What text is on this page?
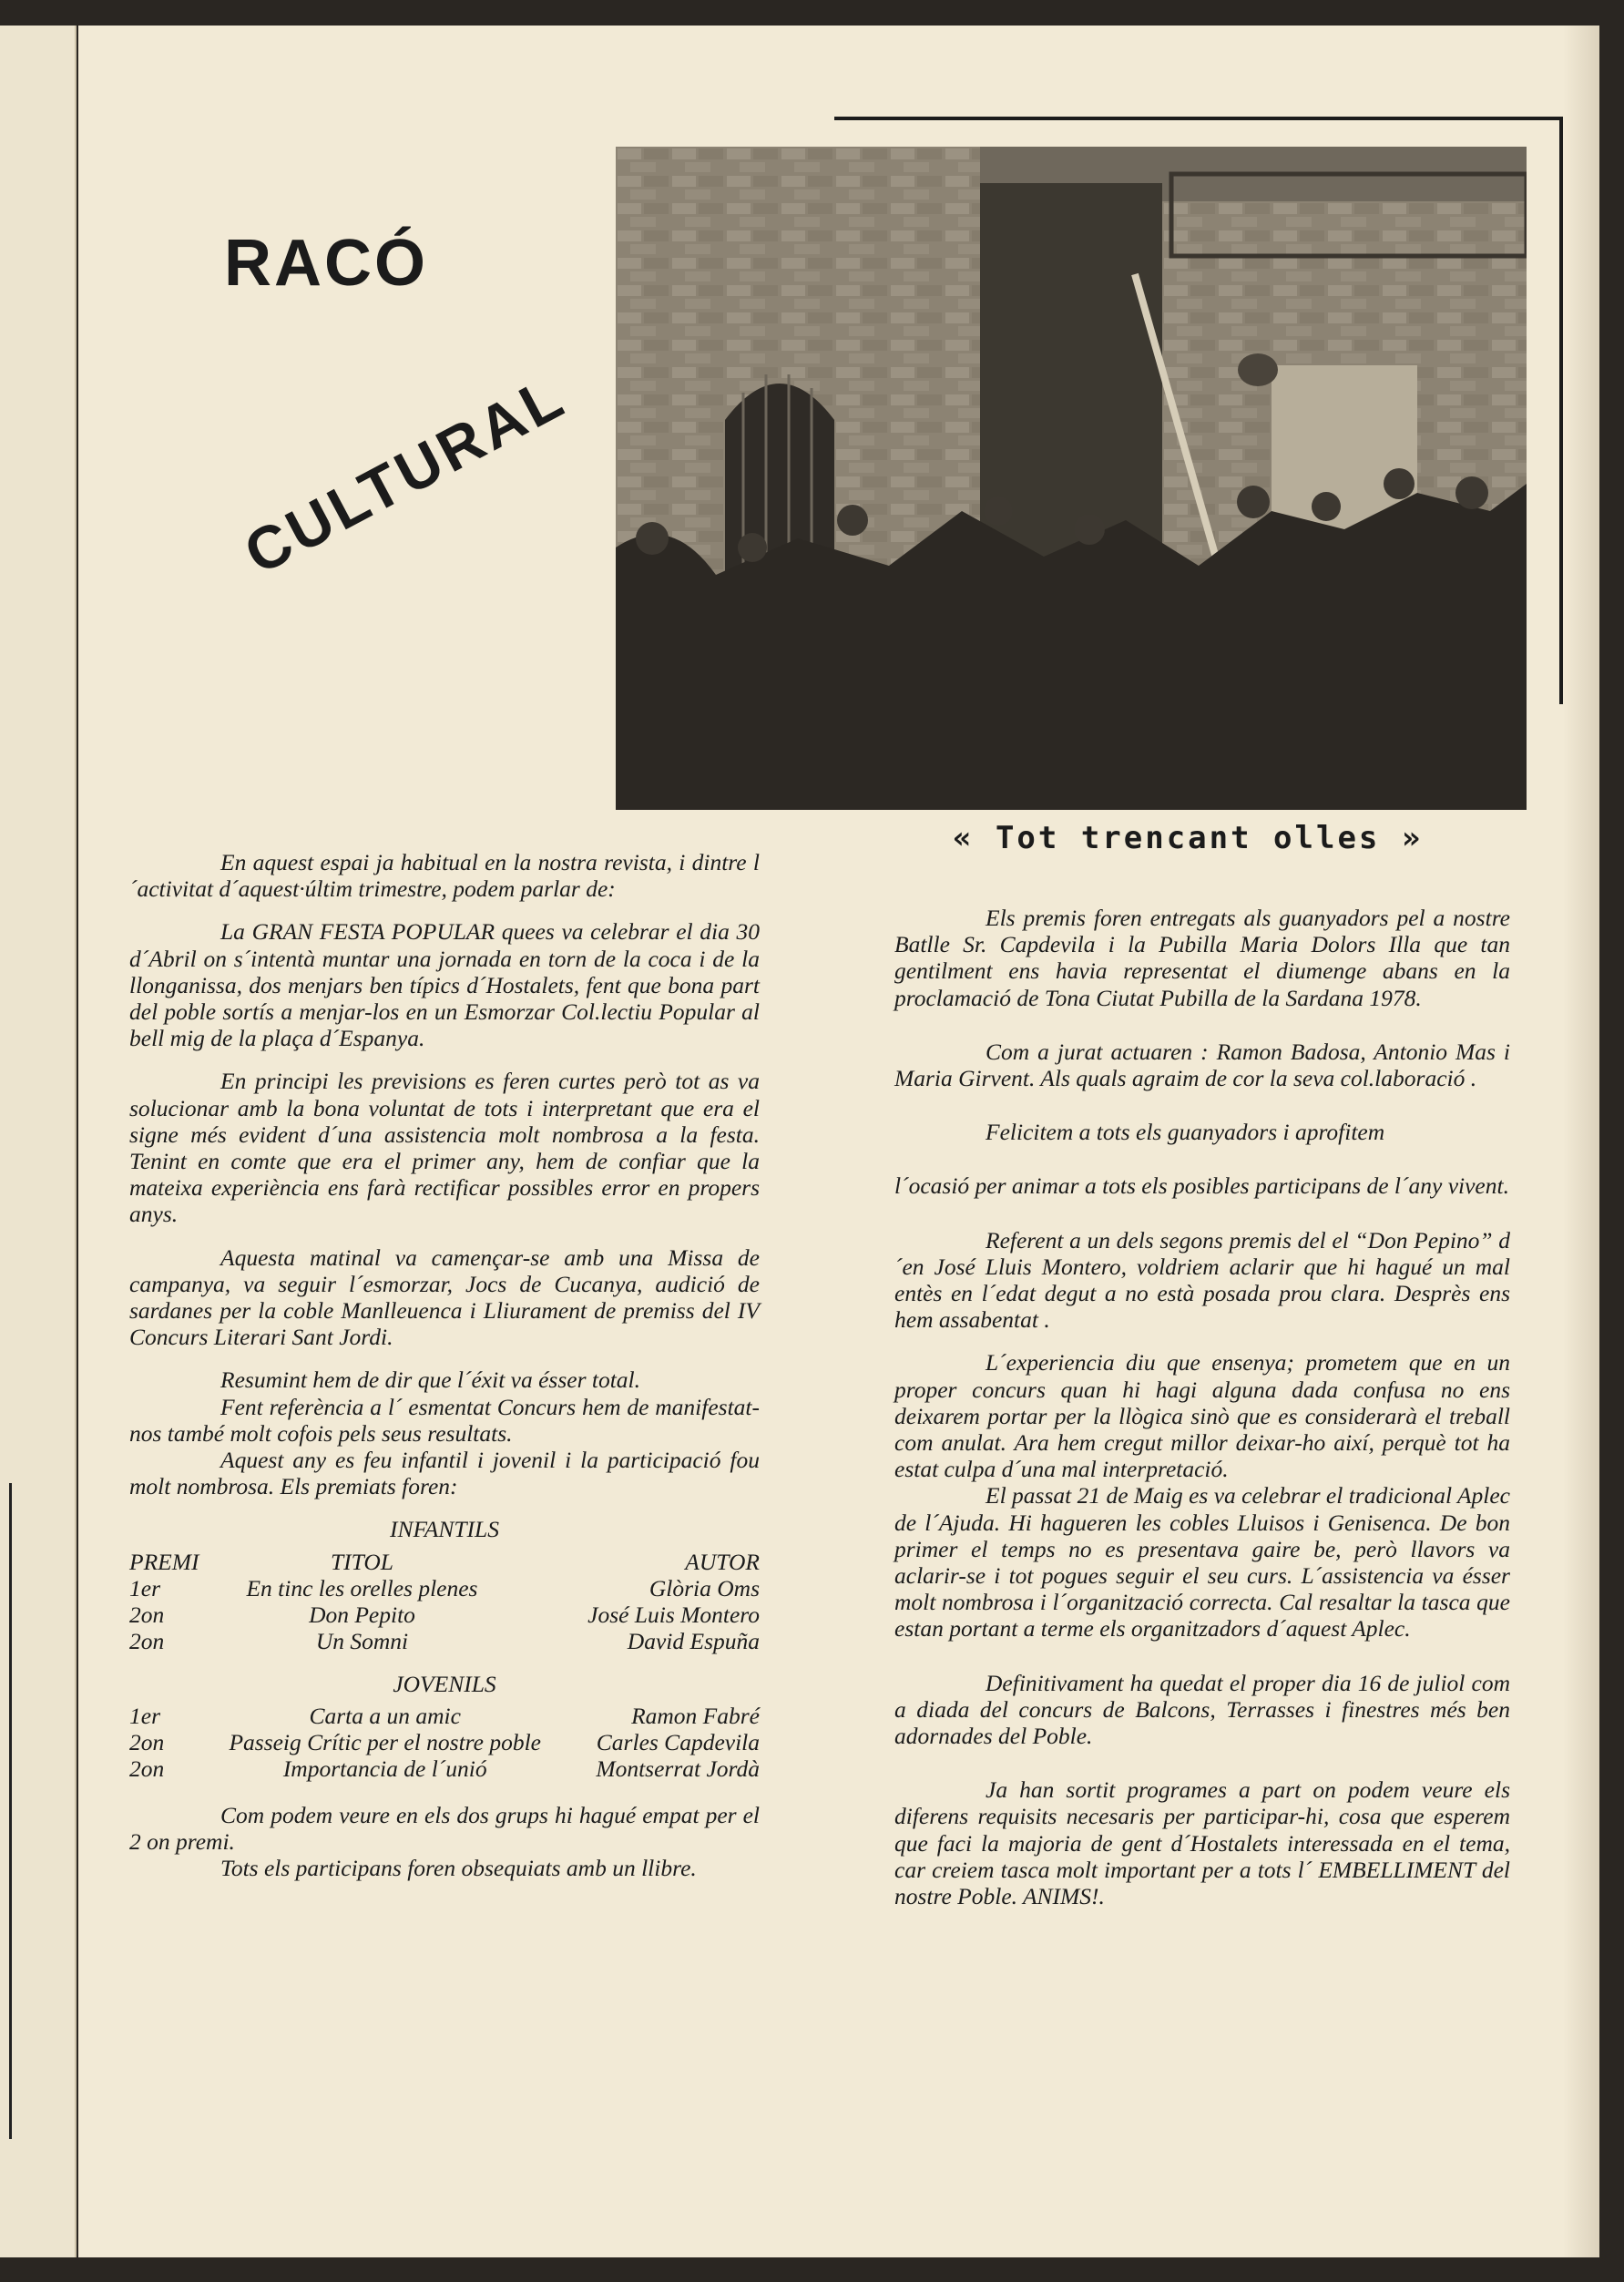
RACÓ
CULTURAL
« Tot trencant olles »

En aquest espai ja habitual en la nostra revista, i dintre l´activitat d´aquest·últim trimestre, podem parlar de:

La GRAN FESTA POPULAR quees va celebrar el dia 30 d´Abril on s´intentà muntar una jornada en torn de la coca i de la llonganissa, dos menjars ben típics d´Hostalets, fent que bona part del poble sortís a menjar-los en un Esmorzar Col.lectiu Popular al bell mig de la plaça d´Espanya.

En principi les previsions es feren curtes però tot as va solucionar amb la bona voluntat de tots i interpretant que era el signe més evident d´una assistencia molt nombrosa a la festa. Tenint en comte que era el primer any, hem de confiar que la mateixa experiència ens farà rectificar possibles error en propers anys.

Aquesta matinal va camençar-se amb una Missa de campanya, va seguir l´esmorzar, Jocs de Cucanya, audició de sardanes per la coble Manlleuenca i Lliurament de premiss del IV Concurs Literari Sant Jordi.

Resumint hem de dir que l´éxit va ésser total.

Fent referència a l´ esmentat Concurs hem de manifestat-nos també molt cofois pels seus resultats.

Aquest any es feu infantil i jovenil i la participació fou molt nombrosa. Els premiats foren:

INFANTILS
PREMI	TITOL	AUTOR
1er	En tinc les orelles plenes	Glòria Oms
2on	Don Pepito	José Luis Montero
2on	Un Somni	David Espuña
JOVENILS
1er	Carta a un amic	Ramon Fabré
2on	Passeig Crític per el nostre poble	Carles Capdevila
2on	Importancia de l´unió	Montserrat Jordà

Com podem veure en els dos grups hi hagué empat per el 2 on premi.

Tots els participans foren obsequiats amb un llibre.

Els premis foren entregats als guanyadors pel a nostre Batlle Sr. Capdevila i la Pubilla Maria Dolors Illa que tan gentilment ens havia representat el diumenge abans en la proclamació de Tona Ciutat Pubilla de la Sardana 1978.

Com a jurat actuaren : Ramon Badosa, Antonio Mas i Maria Girvent. Als quals agraim de cor la seva col.laboració .

Felicitem a tots els guanyadors i aprofitem

l´ocasió per animar a tots els posibles participans de l´any vivent.

Referent a un dels segons premis del el “Don Pepino” d´en José Lluis Montero, voldriem aclarir que hi hagué un mal entès en l´edat degut a no està posada prou clara. Desprès ens hem assabentat .

L´experiencia diu que ensenya; prometem que en un proper concurs quan hi hagi alguna dada confusa no ens deixarem portar per la llògica sinò que es considerarà el treball com anulat. Ara hem cregut millor deixar-ho així, perquè tot ha estat culpa d´una mal interpretació.

El passat 21 de Maig es va celebrar el tradicional Aplec de l´Ajuda. Hi hagueren les cobles Lluisos i Genisenca. De bon primer el temps no es presentava gaire be, però llavors va aclarir-se i tot pogues seguir el seu curs. L´assistencia va ésser molt nombrosa i l´organització correcta. Cal resaltar la tasca que estan portant a terme els organitzadors d´aquest Aplec.

Definitivament ha quedat el proper dia 16 de juliol com a diada del concurs de Balcons, Terrasses i finestres més ben adornades del Poble.

Ja han sortit programes a part on podem veure els diferens requisits necesaris per participar-hi, cosa que esperem que faci la majoria de gent d´Hostalets interessada en el tema, car creiem tasca molt important per a tots l´ EMBELLIMENT del nostre Poble. ANIMS!.
